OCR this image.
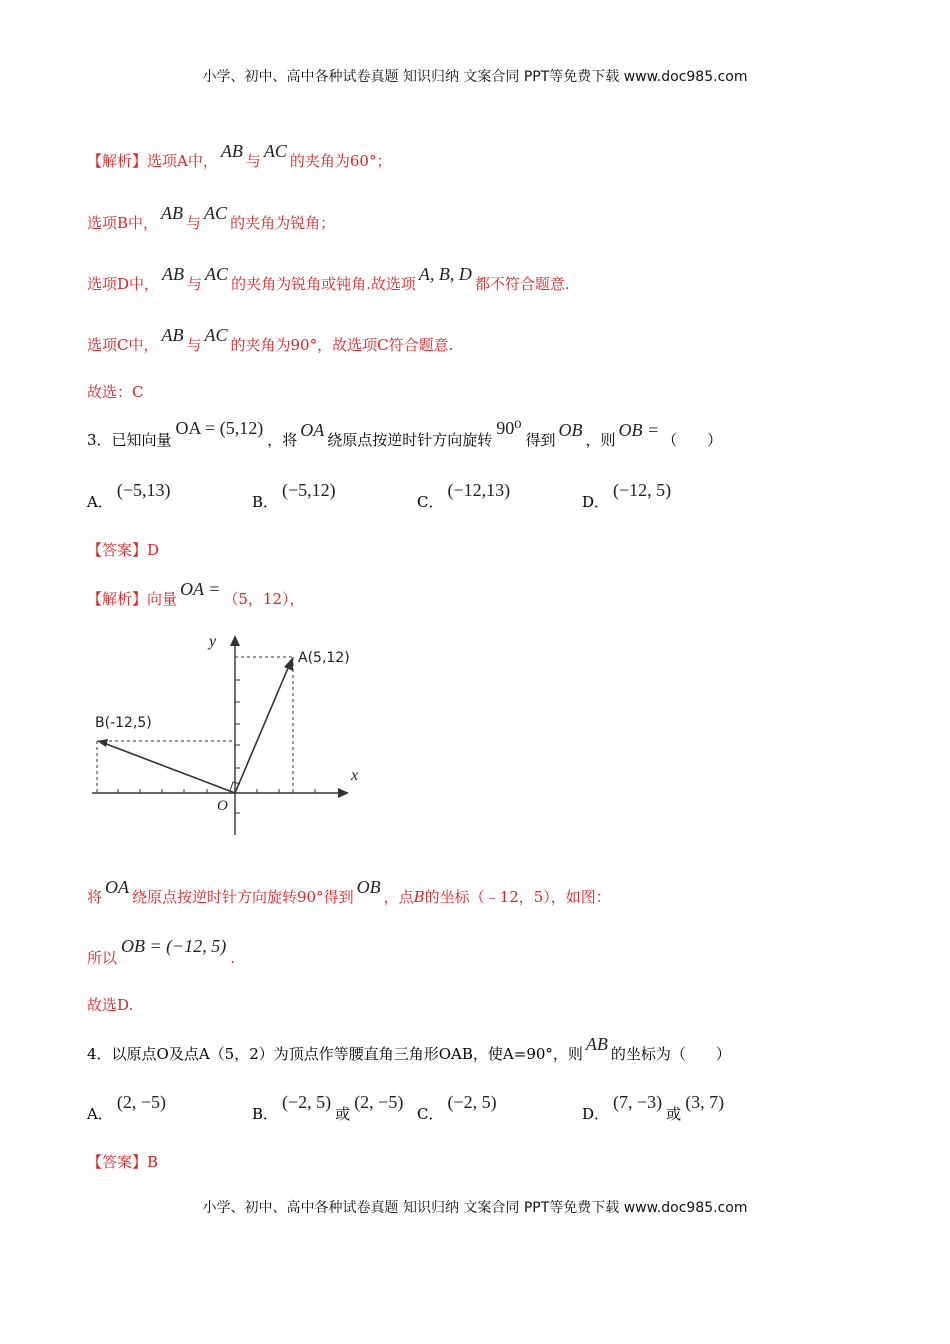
小学、初中、高中各种试卷真题 知识归纳 文案合同 PPT等免费下载 www.doc985.com
【解析】选项A中， AB 与 AC 的夹角为60°；
选项B中， AB 与 AC 的夹角为锐角；
选项D中， AB 与 AC 的夹角为锐角或钝角.故选项 A, B, D 都不符合题意.
选项C中， AB 与 AC 的夹角为90°，故选项C符合题意.
故选：C
3．已知向量OA = (5,12)，将 OA 绕原点按逆时针方向旋转90⁰得到 OB ，则 OB = （　　）
A．(−5,13)
B．(−5,12)
C．(−12,13)
D．(−12, 5)
【答案】D
【解析】向量 OA = （5，12），
y
x
O
A(5,12)
B(-12,5)
将 OA 绕原点按逆时针方向旋转90°得到 OB ，点B的坐标（﹣12，5），如图：
所以OB = (−12, 5).
故选D.
4．以原点O及点A（5，2）为顶点作等腰直角三角形OAB，使A=90°，则 AB 的坐标为（　　）
A．(2, −5)
B．(−2, 5)或(2, −5)
C．(−2, 5)
D．(7, −3)或(3, 7)
【答案】B
小学、初中、高中各种试卷真题 知识归纳 文案合同 PPT等免费下载 www.doc985.com
